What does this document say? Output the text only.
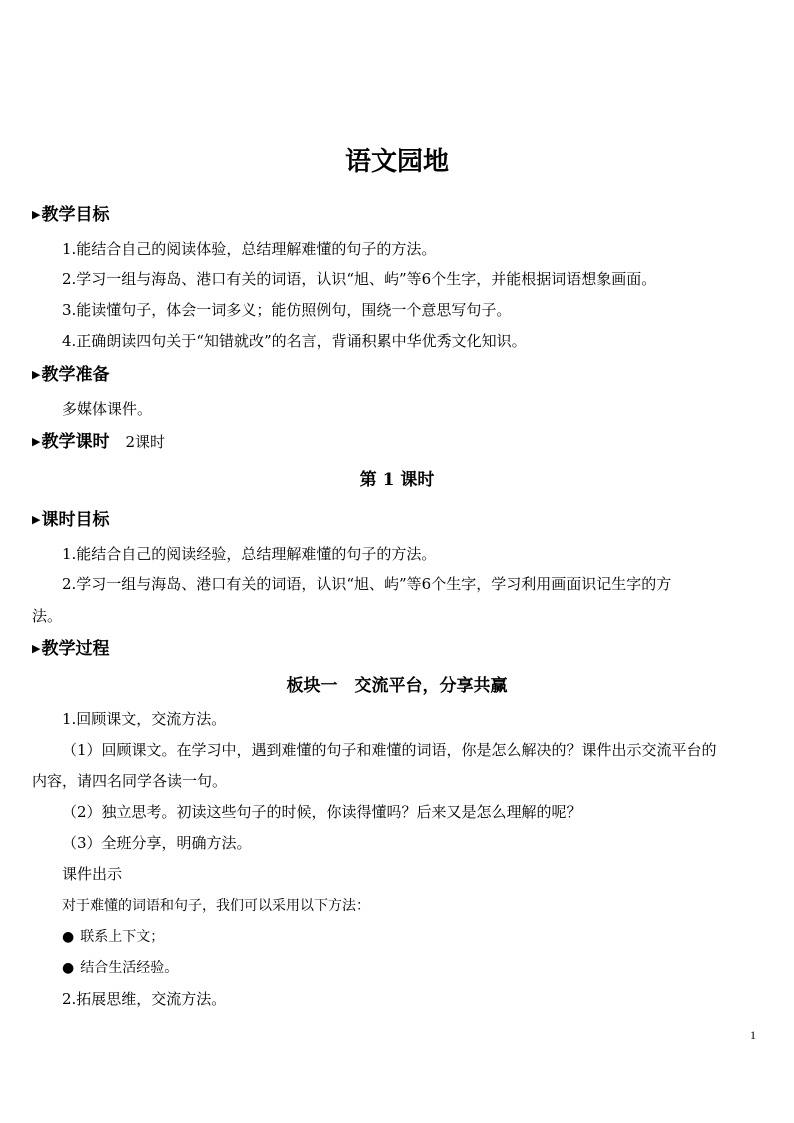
语文园地
▶教学目标
1.能结合自己的阅读体验，总结理解难懂的句子的方法。
2.学习一组与海岛、港口有关的词语，认识“旭、屿”等6个生字，并能根据词语想象画面。
3.能读懂句子，体会一词多义；能仿照例句，围绕一个意思写句子。
4.正确朗读四句关于“知错就改”的名言，背诵积累中华优秀文化知识。
▶教学准备
多媒体课件。
▶教学课时 2课时
第 1 课时
▶课时目标
1.能结合自己的阅读经验，总结理解难懂的句子的方法。
2.学习一组与海岛、港口有关的词语，认识“旭、屿”等6个生字，学习利用画面识记生字的方
法。
▶教学过程
板块一　交流平台，分享共赢
1.回顾课文，交流方法。
（1）回顾课文。在学习中，遇到难懂的句子和难懂的词语，你是怎么解决的？课件出示交流平台的
内容，请四名同学各读一句。
（2）独立思考。初读这些句子的时候，你读得懂吗？后来又是怎么理解的呢？
（3）全班分享，明确方法。
课件出示
对于难懂的词语和句子，我们可以采用以下方法：
● 联系上下文；
● 结合生活经验。
2.拓展思维，交流方法。
1
